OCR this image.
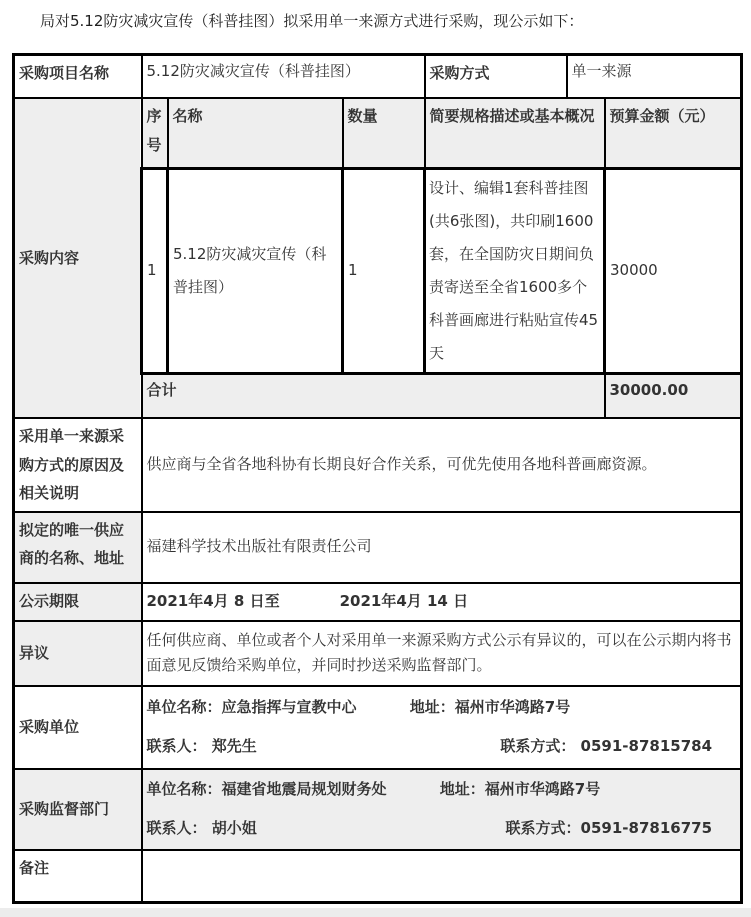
局对5.12防灾减灾宣传（科普挂图）拟采用单一来源方式进行采购，现公示如下：

采购项目名称	5.12防灾减灾宣传（科普挂图）			采购方式	单一来源	
采购内容	序号	名称	数量	简要规格描述或基本概况		预算金额（元）
	1	5.12防灾减灾宣传（科普挂图）	1	设计、编辑1套科普挂图(共6张图)，共印刷1600套，在全国防灾日期间负责寄送至全省1600多个科普画廊进行粘贴宣传45天		30000
	合计					30000.00
采用单一来源采购方式的原因及相关说明	供应商与全省各地科协有长期良好合作关系，可优先使用各地科普画廊资源。					
拟定的唯一供应商的名称、地址	福建科学技术出版社有限责任公司					
公示期限	2021年4月 8 日至　　　　2021年4月 14 日					
异议	任何供应商、单位或者个人对采用单一来源采购方式公示有异议的，可以在公示期内将书面意见反馈给采购单位，并同时抄送采购监督部门。					
采购单位	单位名称：应急指挥与宣教中心 地址：福州市华鸿路7号
联系人： 郑先生 联系方式： 0591-87815784					

采购监督部门	单位名称：福建省地震局规划财务处 地址：福州市华鸿路7号
联系人： 胡小姐 联系方式：0591-87816775					

备注						
